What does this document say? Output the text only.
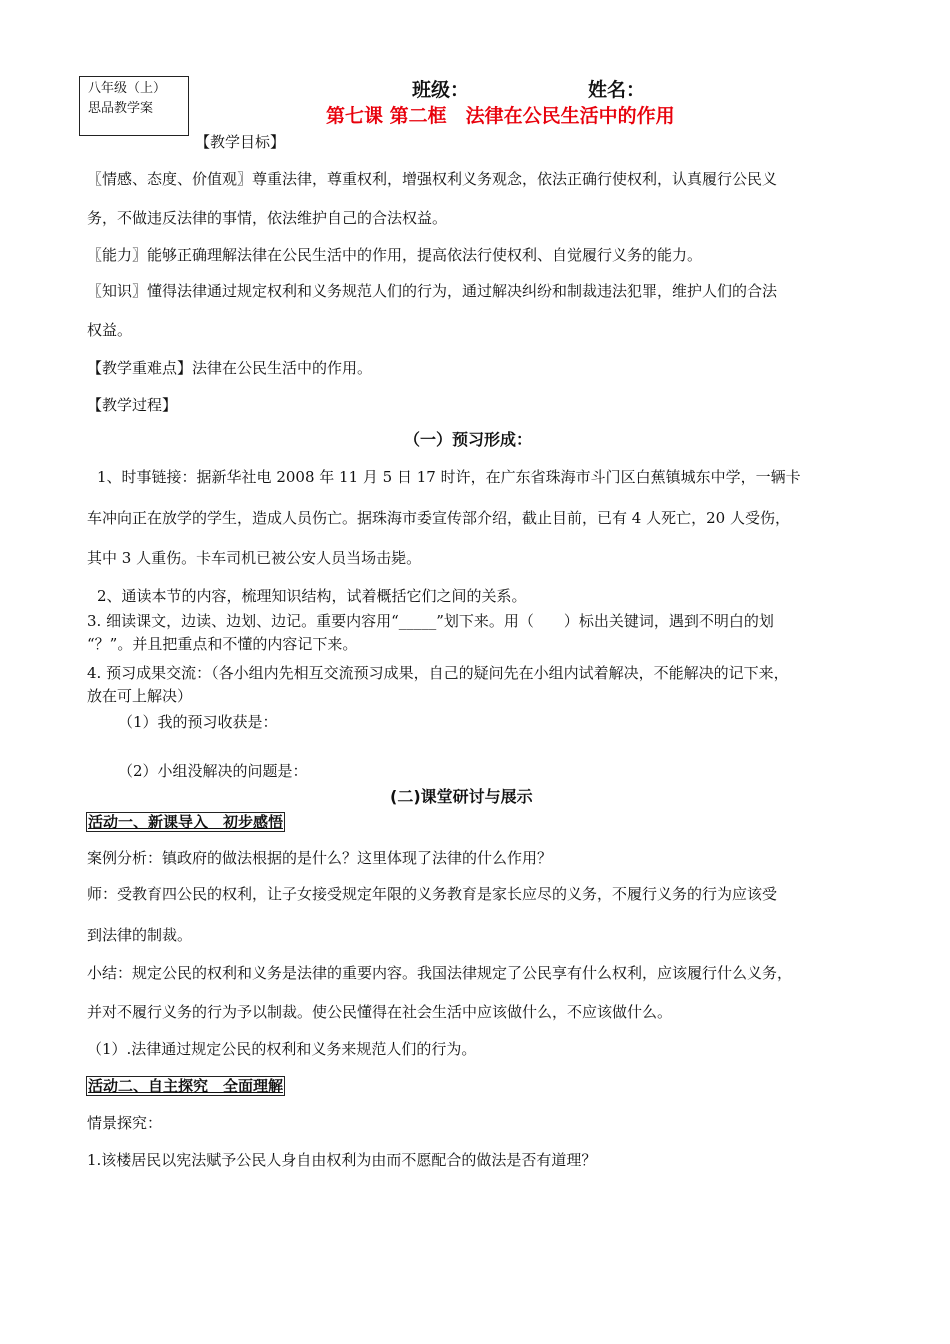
八年级（上）
思品教学案
班级：	姓名：
第七课 第二框　法律在公民生活中的作用
【教学目标】
〖情感、态度、价值观〗尊重法律，尊重权利，增强权利义务观念，依法正确行使权利，认真履行公民义
务，不做违反法律的事情，依法维护自己的合法权益。
〖能力〗能够正确理解法律在公民生活中的作用，提高依法行使权利、自觉履行义务的能力。
〖知识〗懂得法律通过规定权利和义务规范人们的行为，通过解决纠纷和制裁违法犯罪，维护人们的合法
权益。
【教学重难点】法律在公民生活中的作用。
【教学过程】
（一）预习形成：
1、时事链接：据新华社电 2008 年 11 月 5 日 17 时许，在广东省珠海市斗门区白蕉镇城东中学，一辆卡
车冲向正在放学的学生，造成人员伤亡。据珠海市委宣传部介绍，截止目前，已有 4 人死亡，20 人受伤，
其中 3 人重伤。卡车司机已被公安人员当场击毙。
2、通读本节的内容，梳理知识结构，试着概括它们之间的关系。
3. 细读课文，边读、边划、边记。重要内容用“_____”划下来。用（　　）标出关键词，遇到不明白的划
“？”。并且把重点和不懂的内容记下来。
4. 预习成果交流：（各小组内先相互交流预习成果，自己的疑问先在小组内试着解决，不能解决的记下来，
放在可上解决）
（1）我的预习收获是：
（2）小组没解决的问题是：
(二)课堂研讨与展示
活动一、新课导入　初步感悟
案例分析：镇政府的做法根据的是什么？这里体现了法律的什么作用？
师：受教育四公民的权利，让子女接受规定年限的义务教育是家长应尽的义务，不履行义务的行为应该受
到法律的制裁。
小结：规定公民的权利和义务是法律的重要内容。我国法律规定了公民享有什么权利，应该履行什么义务，
并对不履行义务的行为予以制裁。使公民懂得在社会生活中应该做什么，不应该做什么。
（1）.法律通过规定公民的权利和义务来规范人们的行为。
活动二、自主探究　全面理解
情景探究：
1.该楼居民以宪法赋予公民人身自由权利为由而不愿配合的做法是否有道理？
